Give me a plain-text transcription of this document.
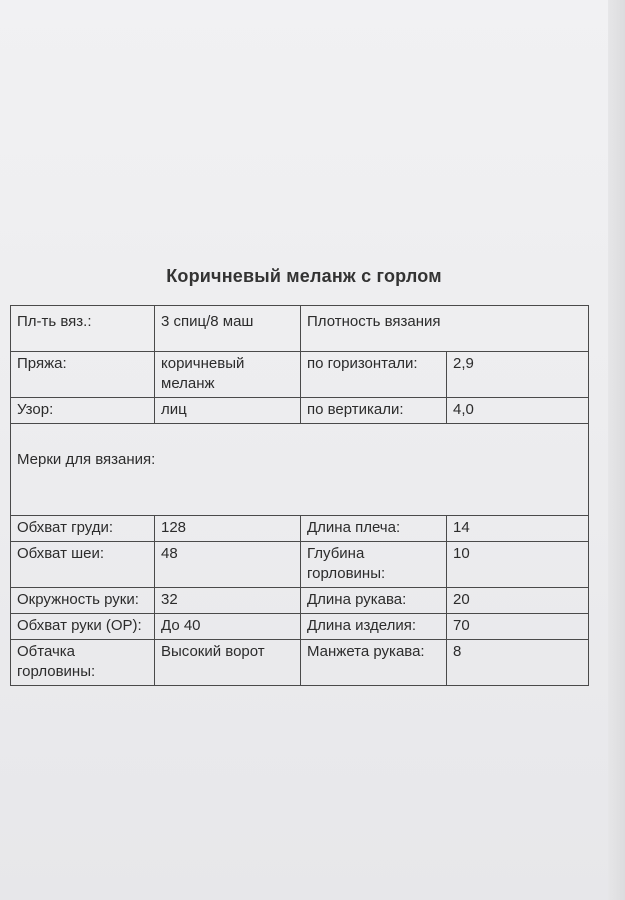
Коричневый меланж с горлом
Пл-ть вяз.:	3 спиц/8 маш	Плотность вязания	
Пряжа:	коричневый меланж	по горизонтали:	2,9
Узор:	лиц	по вертикали:	4,0
Мерки для вязания:			
Обхват груди:	128	Длина плеча:	14
Обхват шеи:	48	Глубина горловины:	10
Окружность руки:	32	Длина рукава:	20
Обхват руки (ОР):	До 40	Длина изделия:	70
Обтачка горловины:	Высокий ворот	Манжета рукава:	8
